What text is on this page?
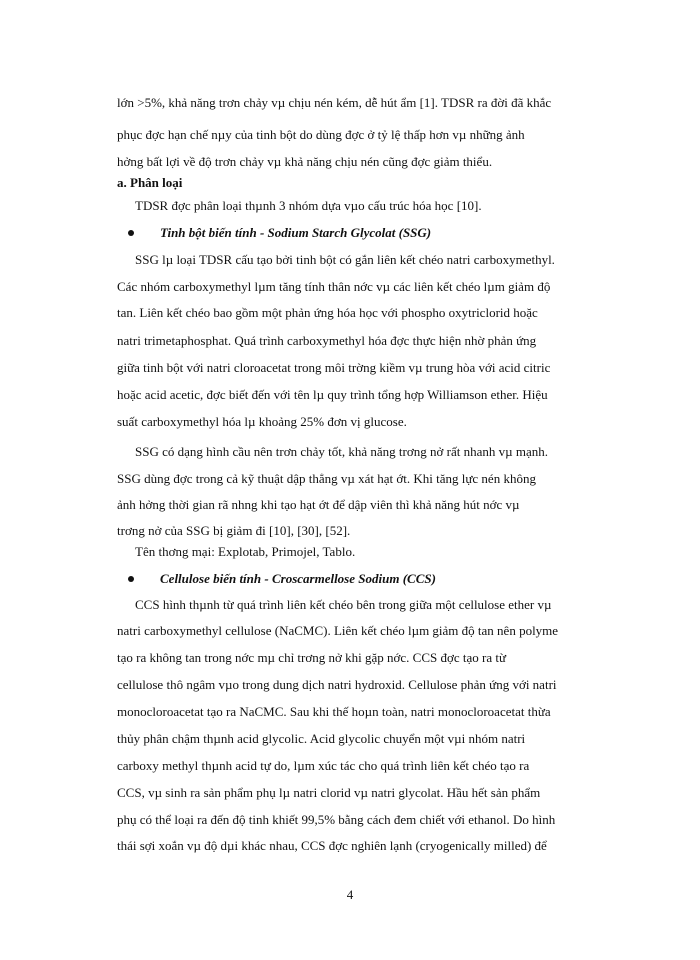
lớn >5%, khả năng trơn chảy vµ chịu nén kém, dễ hút ẩm [1]. TDSR ra đời đã khắc
phục đợc hạn chế nµy của tinh bột do dùng đợc ở tỷ lệ thấp hơn vµ những ảnh
hởng bất lợi về độ trơn chảy vµ khả năng chịu nén cũng đợc giảm thiểu.
a. Phân loại
TDSR đợc phân loại thµnh 3 nhóm dựa vµo cấu trúc hóa học [10].
Tinh bột biến tính - Sodium Starch Glycolat (SSG)
SSG lµ loại TDSR cấu tạo bởi tinh bột có gắn liên kết chéo natri carboxymethyl.
Các nhóm carboxymethyl lµm tăng tính thân nớc vµ các liên kết chéo lµm giảm độ
tan. Liên kết chéo bao gồm một phản ứng hóa học với phospho oxytriclorid hoặc
natri trimetaphosphat. Quá trình carboxymethyl hóa đợc thực hiện nhờ phản ứng
giữa tinh bột với natri cloroacetat trong môi trờng kiềm vµ trung hòa với acid citric
hoặc acid acetic, đợc biết đến với tên lµ quy trình tổng hợp Williamson ether. Hiệu
suất carboxymethyl hóa lµ khoảng 25% đơn vị glucose.
SSG có dạng hình cầu nên trơn chảy tốt, khả năng trơng nở rất nhanh vµ mạnh.
SSG dùng đợc trong cả kỹ thuật dập thẳng vµ xát hạt ớt. Khi tăng lực nén không
ảnh hởng thời gian rã nhng khi tạo hạt ớt để dập viên thì khả năng hút nớc vµ
trơng nở của SSG bị giảm đi [10], [30], [52].
Tên thơng mại: Explotab, Primojel, Tablo.
Cellulose biến tính - Croscarmellose Sodium (CCS)
CCS hình thµnh từ quá trình liên kết chéo bên trong giữa một cellulose ether vµ
natri carboxymethyl cellulose (NaCMC). Liên kết chéo lµm giảm độ tan nên polyme
tạo ra không tan trong nớc mµ chỉ trơng nở khi gặp nớc. CCS đợc tạo ra từ
cellulose thô ngâm vµo trong dung dịch natri hydroxid. Cellulose phản ứng với natri
monocloroacetat tạo ra NaCMC. Sau khi thế hoµn toàn, natri monocloroacetat thừa
thủy phân chậm thµnh acid glycolic. Acid glycolic chuyển một vµi nhóm natri
carboxy methyl thµnh acid tự do, lµm xúc tác cho quá trình liên kết chéo tạo ra
CCS, vµ sinh ra sản phẩm phụ lµ natri clorid vµ natri glycolat. Hầu hết sản phẩm
phụ có thể loại ra đến độ tinh khiết 99,5% bằng cách đem chiết với ethanol. Do hình
thái sợi xoắn vµ độ dµi khác nhau, CCS đợc nghiên lạnh (cryogenically milled) để
4
